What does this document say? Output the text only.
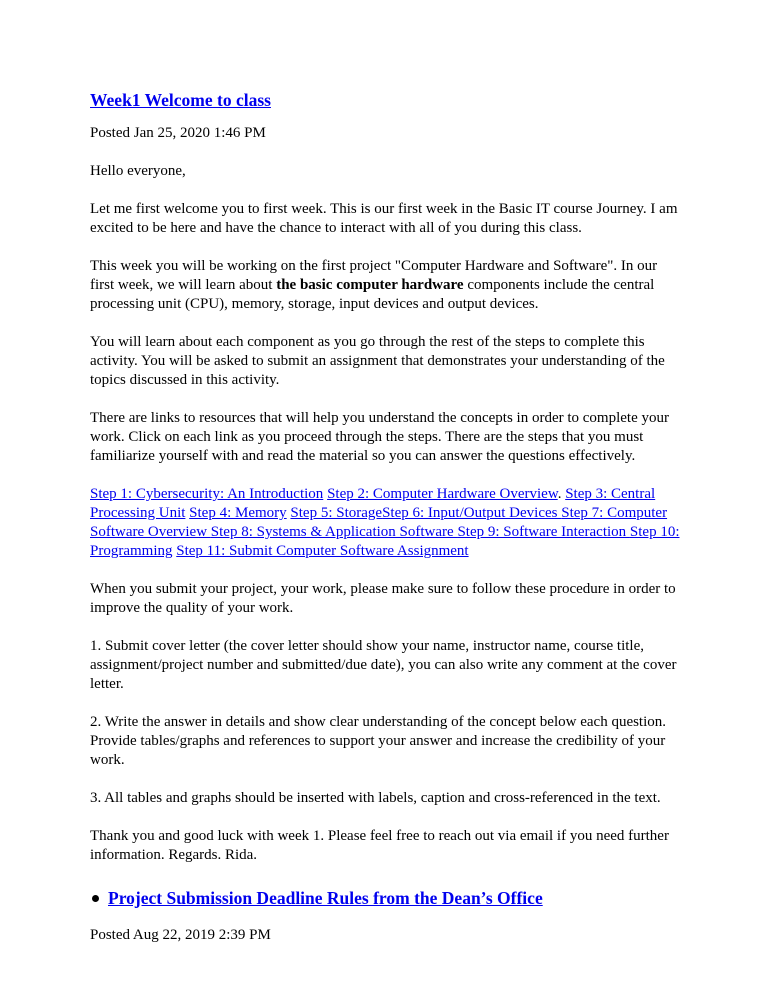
Week1 Welcome to class

Posted Jan 25, 2020 1:46 PM

Hello everyone,

Let me first welcome you to first week. This is our first week in the Basic IT course Journey. I am excited to be here and have the chance to interact with all of you during this class.

This week you will be working on the first project "Computer Hardware and Software". In our first week, we will learn about the basic computer hardware components include the central processing unit (CPU), memory, storage, input devices and output devices.

You will learn about each component as you go through the rest of the steps to complete this activity. You will be asked to submit an assignment that demonstrates your understanding of the topics discussed in this activity.

There are links to resources that will help you understand the concepts in order to complete your work. Click on each link as you proceed through the steps. There are the steps that you must familiarize yourself with and read the material so you can answer the questions effectively.

Step 1: Cybersecurity: An Introduction Step 2: Computer Hardware Overview. Step 3: Central Processing Unit Step 4: Memory Step 5: StorageStep 6: Input/Output Devices Step 7: Computer Software Overview Step 8: Systems & Application Software Step 9: Software Interaction Step 10: Programming Step 11: Submit Computer Software Assignment

When you submit your project, your work, please make sure to follow these procedure in order to improve the quality of your work.

1. Submit cover letter (the cover letter should show your name, instructor name, course title, assignment/project number and submitted/due date), you can also write any comment at the cover letter.

2. Write the answer in details and show clear understanding of the concept below each question. Provide tables/graphs and references to support your answer and increase the credibility of your work.

3. All tables and graphs should be inserted with labels, caption and cross-referenced in the text.

Thank you and good luck with week 1. Please feel free to reach out via email if you need further information. Regards. Rida.

Project Submission Deadline Rules from the Dean’s Office

Posted Aug 22, 2019 2:39 PM
